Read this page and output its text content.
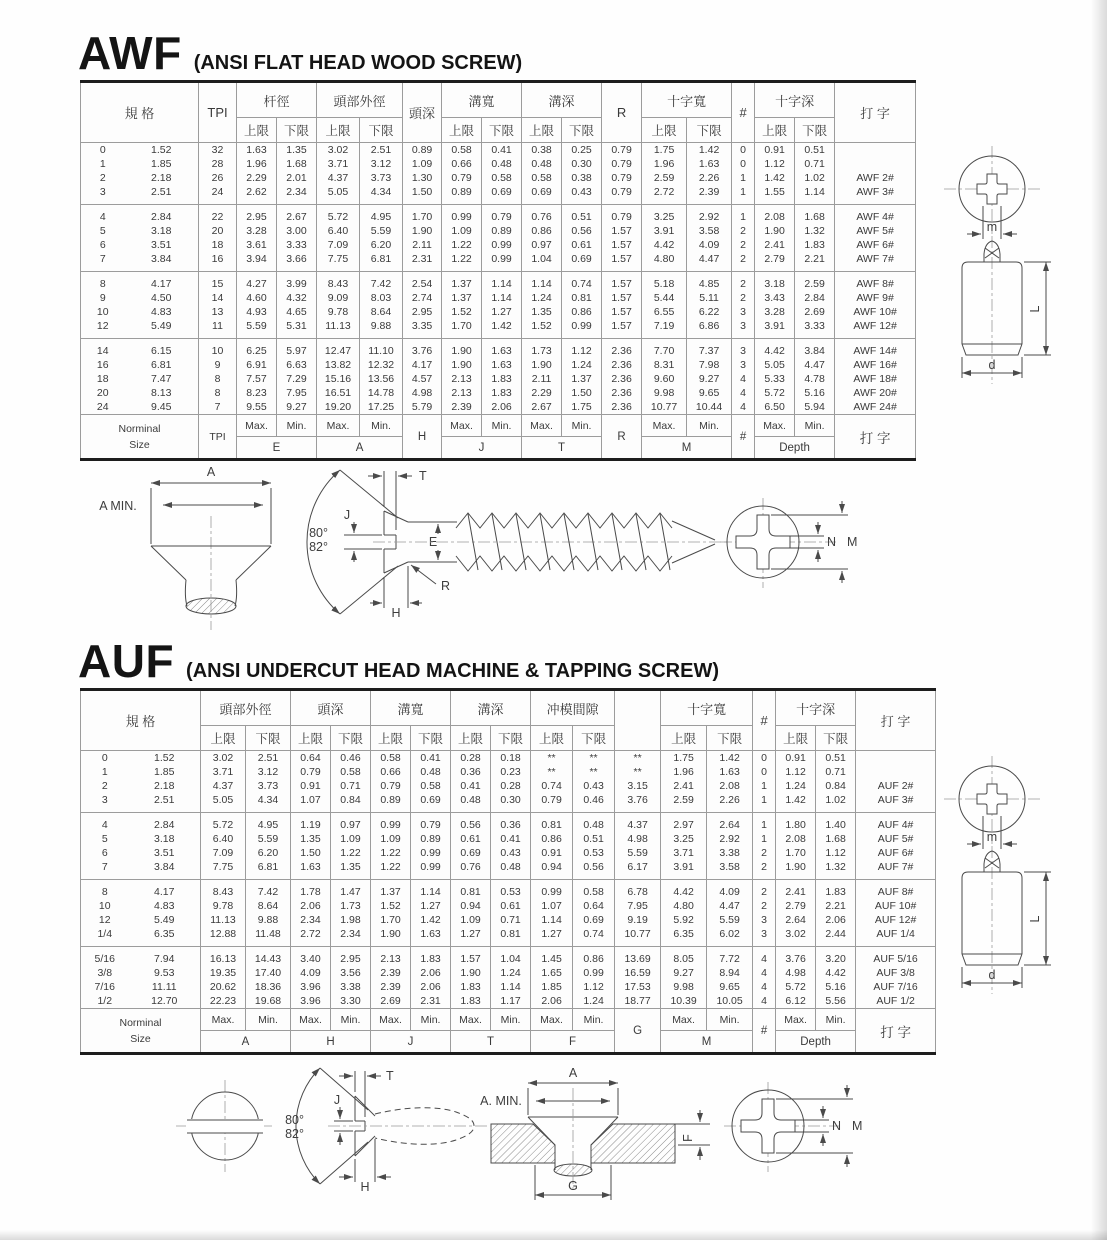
AWF (ANSI FLAT HEAD WOOD SCREW)
規 格		TPI	杆徑		頭部外徑		頭深	溝寬		溝深		R	十字寬		#	十字深		打 字	
			上限	下限	上限	下限		上限	下限	上限	下限		上限	下限		上限	下限		
0	1.52	32	1.63	1.35	3.02	2.51	0.89	0.58	0.41	0.38	0.25	0.79	1.75	1.42	0	0.91	0.51		
1	1.85	28	1.96	1.68	3.71	3.12	1.09	0.66	0.48	0.48	0.30	0.79	1.96	1.63	0	1.12	0.71		
2	2.18	26	2.29	2.01	4.37	3.73	1.30	0.79	0.58	0.58	0.38	0.79	2.59	2.26	1	1.42	1.02	AWF 2#	
3	2.51	24	2.62	2.34	5.05	4.34	1.50	0.89	0.69	0.69	0.43	0.79	2.72	2.39	1	1.55	1.14	AWF 3#	

4	2.84	22	2.95	2.67	5.72	4.95	1.70	0.99	0.79	0.76	0.51	0.79	3.25	2.92	1	2.08	1.68	AWF 4#	
5	3.18	20	3.28	3.00	6.40	5.59	1.90	1.09	0.89	0.86	0.56	1.57	3.91	3.58	2	1.90	1.32	AWF 5#	
6	3.51	18	3.61	3.33	7.09	6.20	2.11	1.22	0.99	0.97	0.61	1.57	4.42	4.09	2	2.41	1.83	AWF 6#	
7	3.84	16	3.94	3.66	7.75	6.81	2.31	1.22	0.99	1.04	0.69	1.57	4.80	4.47	2	2.79	2.21	AWF 7#	

8	4.17	15	4.27	3.99	8.43	7.42	2.54	1.37	1.14	1.14	0.74	1.57	5.18	4.85	2	3.18	2.59	AWF 8#	
9	4.50	14	4.60	4.32	9.09	8.03	2.74	1.37	1.14	1.24	0.81	1.57	5.44	5.11	2	3.43	2.84	AWF 9#	
10	4.83	13	4.93	4.65	9.78	8.64	2.95	1.52	1.27	1.35	0.86	1.57	6.55	6.22	3	3.28	2.69	AWF 10#	
12	5.49	11	5.59	5.31	11.13	9.88	3.35	1.70	1.42	1.52	0.99	1.57	7.19	6.86	3	3.91	3.33	AWF 12#	

14	6.15	10	6.25	5.97	12.47	11.10	3.76	1.90	1.63	1.73	1.12	2.36	7.70	7.37	3	4.42	3.84	AWF 14#	
16	6.81	9	6.91	6.63	13.82	12.32	4.17	1.90	1.63	1.90	1.24	2.36	8.31	7.98	3	5.05	4.47	AWF 16#	
18	7.47	8	7.57	7.29	15.16	13.56	4.57	2.13	1.83	2.11	1.37	2.36	9.60	9.27	4	5.33	4.78	AWF 18#	
20	8.13	8	8.23	7.95	16.51	14.78	4.98	2.13	1.83	2.29	1.50	2.36	9.98	9.65	4	5.72	5.16	AWF 20#	
24	9.45	7	9.55	9.27	19.20	17.25	5.79	2.39	2.06	2.67	1.75	2.36	10.77	10.44	4	6.50	5.94	AWF 24#	

Norminal
Size		TPI	Max.	Min.	Max.	Min.	H	Max.	Min.	Max.	Min.	R	Max.	Min.	#	Max.	Min.	打 字	
			E		A			J		T			M			Depth			
m
L
d
A
A MIN.
80°
82°
T
J
E
R
H
N M
AUF (ANSI UNDERCUT HEAD MACHINE & TAPPING SCREW)
規 格		頭部外徑		頭深		溝寬		溝深		冲模間隙			十字寬		#	十字深		打 字
		上限	下限	上限	下限	上限	下限	上限	下限	上限	下限		上限	下限		上限	下限	
0	1.52	3.02	2.51	0.64	0.46	0.58	0.41	0.28	0.18	**	**	**	1.75	1.42	0	0.91	0.51	
1	1.85	3.71	3.12	0.79	0.58	0.66	0.48	0.36	0.23	**	**	**	1.96	1.63	0	1.12	0.71	
2	2.18	4.37	3.73	0.91	0.71	0.79	0.58	0.41	0.28	0.74	0.43	3.15	2.41	2.08	1	1.24	0.84	AUF 2#
3	2.51	5.05	4.34	1.07	0.84	0.89	0.69	0.48	0.30	0.79	0.46	3.76	2.59	2.26	1	1.42	1.02	AUF 3#

4	2.84	5.72	4.95	1.19	0.97	0.99	0.79	0.56	0.36	0.81	0.48	4.37	2.97	2.64	1	1.80	1.40	AUF 4#
5	3.18	6.40	5.59	1.35	1.09	1.09	0.89	0.61	0.41	0.86	0.51	4.98	3.25	2.92	1	2.08	1.68	AUF 5#
6	3.51	7.09	6.20	1.50	1.22	1.22	0.99	0.69	0.43	0.91	0.53	5.59	3.71	3.38	2	1.70	1.12	AUF 6#
7	3.84	7.75	6.81	1.63	1.35	1.22	0.99	0.76	0.48	0.94	0.56	6.17	3.91	3.58	2	1.90	1.32	AUF 7#

8	4.17	8.43	7.42	1.78	1.47	1.37	1.14	0.81	0.53	0.99	0.58	6.78	4.42	4.09	2	2.41	1.83	AUF 8#
10	4.83	9.78	8.64	2.06	1.73	1.52	1.27	0.94	0.61	1.07	0.64	7.95	4.80	4.47	2	2.79	2.21	AUF 10#
12	5.49	11.13	9.88	2.34	1.98	1.70	1.42	1.09	0.71	1.14	0.69	9.19	5.92	5.59	3	2.64	2.06	AUF 12#
1/4	6.35	12.88	11.48	2.72	2.34	1.90	1.63	1.27	0.81	1.27	0.74	10.77	6.35	6.02	3	3.02	2.44	AUF 1/4

5/16	7.94	16.13	14.43	3.40	2.95	2.13	1.83	1.57	1.04	1.45	0.86	13.69	8.05	7.72	4	3.76	3.20	AUF 5/16
3/8	9.53	19.35	17.40	4.09	3.56	2.39	2.06	1.90	1.24	1.65	0.99	16.59	9.27	8.94	4	4.98	4.42	AUF 3/8
7/16	11.11	20.62	18.36	3.96	3.38	2.39	2.06	1.83	1.14	1.85	1.12	17.53	9.98	9.65	4	5.72	5.16	AUF 7/16
1/2	12.70	22.23	19.68	3.96	3.30	2.69	2.31	1.83	1.17	2.06	1.24	18.77	10.39	10.05	4	6.12	5.56	AUF 1/2

Norminal
Size		Max.	Min.	Max.	Min.	Max.	Min.	Max.	Min.	Max.	Min.	G	Max.	Min.	#	Max.	Min.	打 字
		A		H		J		T		F			M			Depth		
m
L
d
80°
82°
T
J
H
A
A. MIN.
F
G
N M
